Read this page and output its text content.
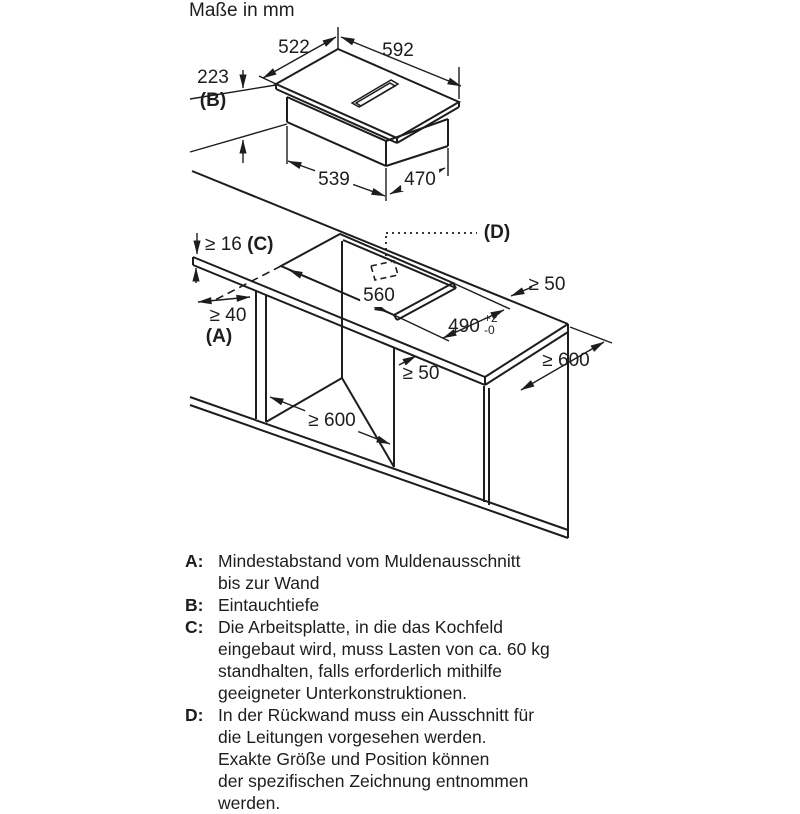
Maße in mm
522	592
223
(B)
539	470
≥ 16 (C)
≥ 40
(A)
560
(D)
490 +2
-0
≥ 50
≥ 600
≥ 50
≥ 600
A: Mindestabstand vom Muldenausschnitt
bis zur Wand
B: Eintauchtiefe
C: Die Arbeitsplatte, in die das Kochfeld
eingebaut wird, muss Lasten von ca. 60 kg
standhalten, falls erforderlich mithilfe
geeigneter Unterkonstruktionen.
D: In der Rückwand muss ein Ausschnitt für
die Leitungen vorgesehen werden.
Exakte Größe und Position können
der spezifischen Zeichnung entnommen
werden.
